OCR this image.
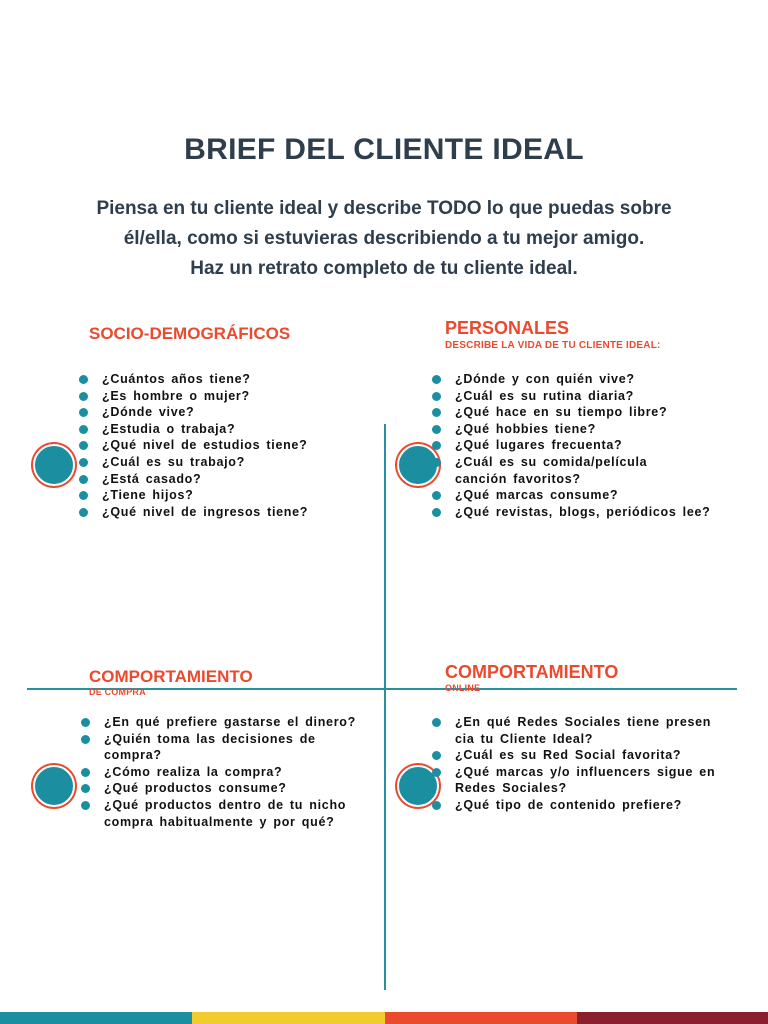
BRIEF DEL CLIENTE IDEAL
Piensa en tu cliente ideal y describe TODO lo que puedas sobre
él/ella, como si estuvieras describiendo a tu mejor amigo.
Haz un retrato completo de tu cliente ideal.
SOCIO-DEMOGRÁFICOS
¿Cuántos años tiene?
¿Es hombre o mujer?
¿Dónde vive?
¿Estudia o trabaja?
¿Qué nivel de estudios tiene?
¿Cuál es su trabajo?
¿Está casado?
¿Tiene hijos?
¿Qué nivel de ingresos tiene?
PERSONALES
DESCRIBE LA VIDA DE TU CLIENTE IDEAL:
¿Dónde y con quién vive?
¿Cuál es su rutina diaria?
¿Qué hace en su tiempo libre?
¿Qué hobbies tiene?
¿Qué lugares frecuenta?
¿Cuál es su comida/película
canción favoritos?
¿Qué marcas consume?
¿Qué revistas, blogs, periódicos lee?
COMPORTAMIENTO
DE COMPRA
¿En qué prefiere gastarse el dinero?
¿Quién toma las decisiones de
compra?
¿Cómo realiza la compra?
¿Qué productos consume?
¿Qué productos dentro de tu nicho
compra habitualmente y por qué?
COMPORTAMIENTO
ONLINE
¿En qué Redes Sociales tiene presen
cia tu Cliente Ideal?
¿Cuál es su Red Social favorita?
¿Qué marcas y/o influencers sigue en
Redes Sociales?
¿Qué tipo de contenido prefiere?
